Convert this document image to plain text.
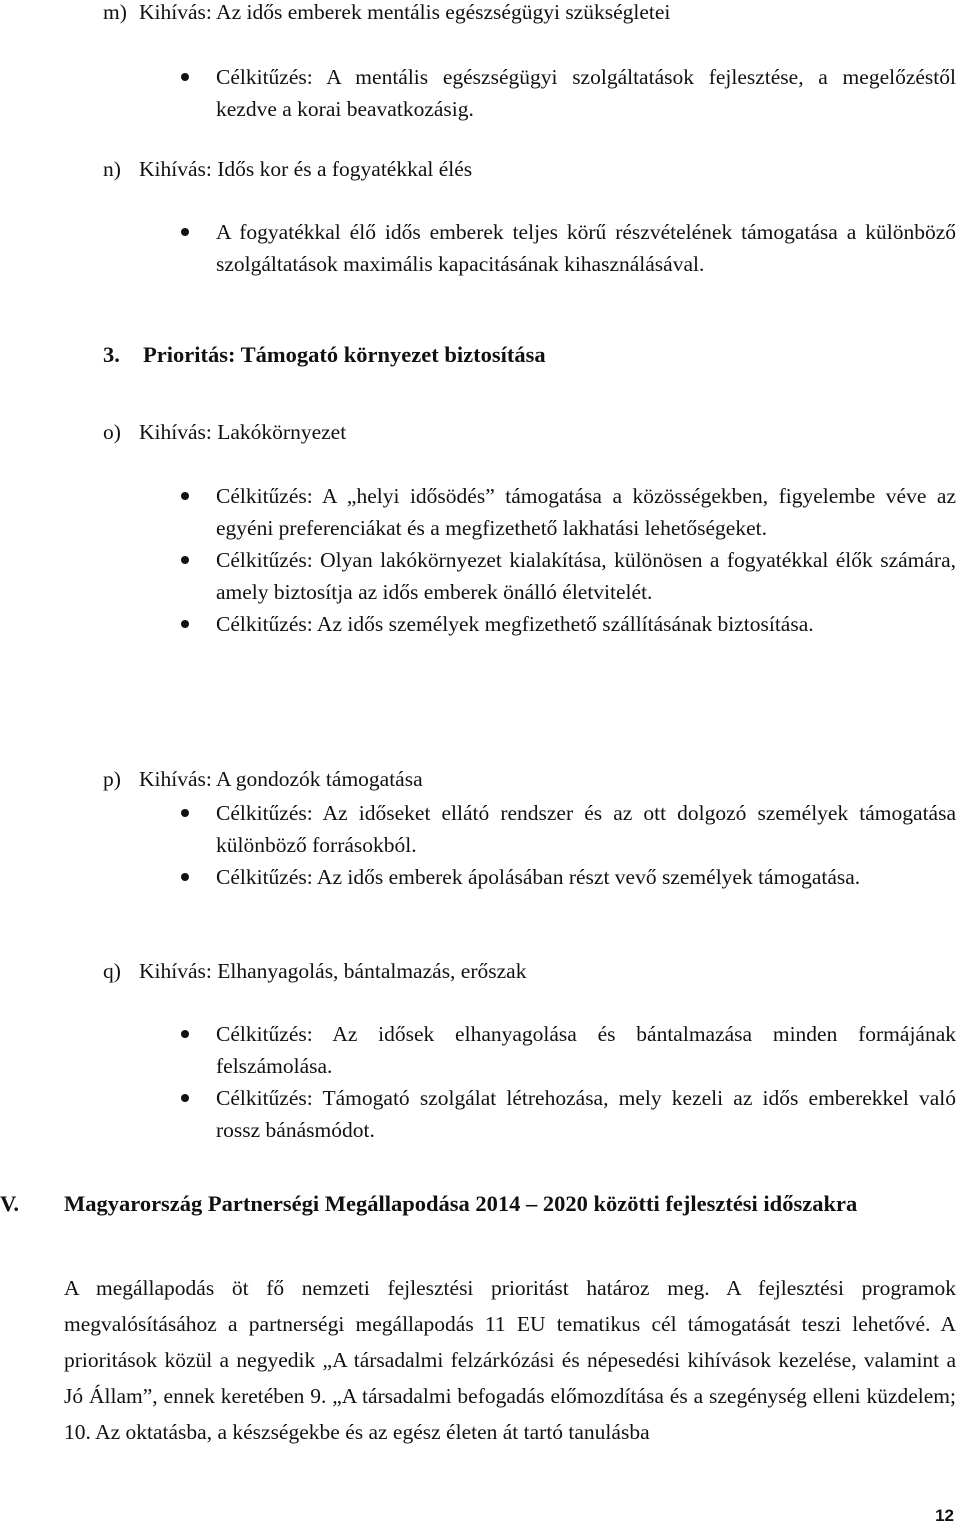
m) Kihívás: Az idős emberek mentális egészségügyi szükségletei
Célkitűzés: A mentális egészségügyi szolgáltatások fejlesztése, a megelőzéstől kezdve a korai beavatkozásig.
n) Kihívás: Idős kor és a fogyatékkal élés
A fogyatékkal élő idős emberek teljes körű részvételének támogatása a különböző szolgáltatások maximális kapacitásának kihasználásával.
3. Prioritás: Támogató környezet biztosítása
o) Kihívás: Lakókörnyezet
Célkitűzés: A „helyi idősödés” támogatása a közösségekben, figyelembe véve az egyéni preferenciákat és a megfizethető lakhatási lehetőségeket.
Célkitűzés: Olyan lakókörnyezet kialakítása, különösen a fogyatékkal élők számára, amely biztosítja az idős emberek önálló életvitelét.
Célkitűzés: Az idős személyek megfizethető szállításának biztosítása.
p) Kihívás: A gondozók támogatása
Célkitűzés: Az időseket ellátó rendszer és az ott dolgozó személyek támogatása különböző forrásokból.
Célkitűzés: Az idős emberek ápolásában részt vevő személyek támogatása.
q) Kihívás: Elhanyagolás, bántalmazás, erőszak
Célkitűzés: Az idősek elhanyagolása és bántalmazása minden formájának felszámolása.
Célkitűzés: Támogató szolgálat létrehozása, mely kezeli az idős emberekkel való rossz bánásmódot.
V. Magyarország Partnerségi Megállapodása 2014 – 2020 közötti fejlesztési időszakra
A megállapodás öt fő nemzeti fejlesztési prioritást határoz meg. A fejlesztési programok megvalósításához a partnerségi megállapodás 11 EU tematikus cél támogatását teszi lehetővé. A prioritások közül a negyedik „A társadalmi felzárkózási és népesedési kihívások kezelése, valamint a Jó Állam”, ennek keretében 9. „A társadalmi befogadás előmozdítása és a szegénység elleni küzdelem; 10. Az oktatásba, a készségekbe és az egész életen át tartó tanulásba
12
